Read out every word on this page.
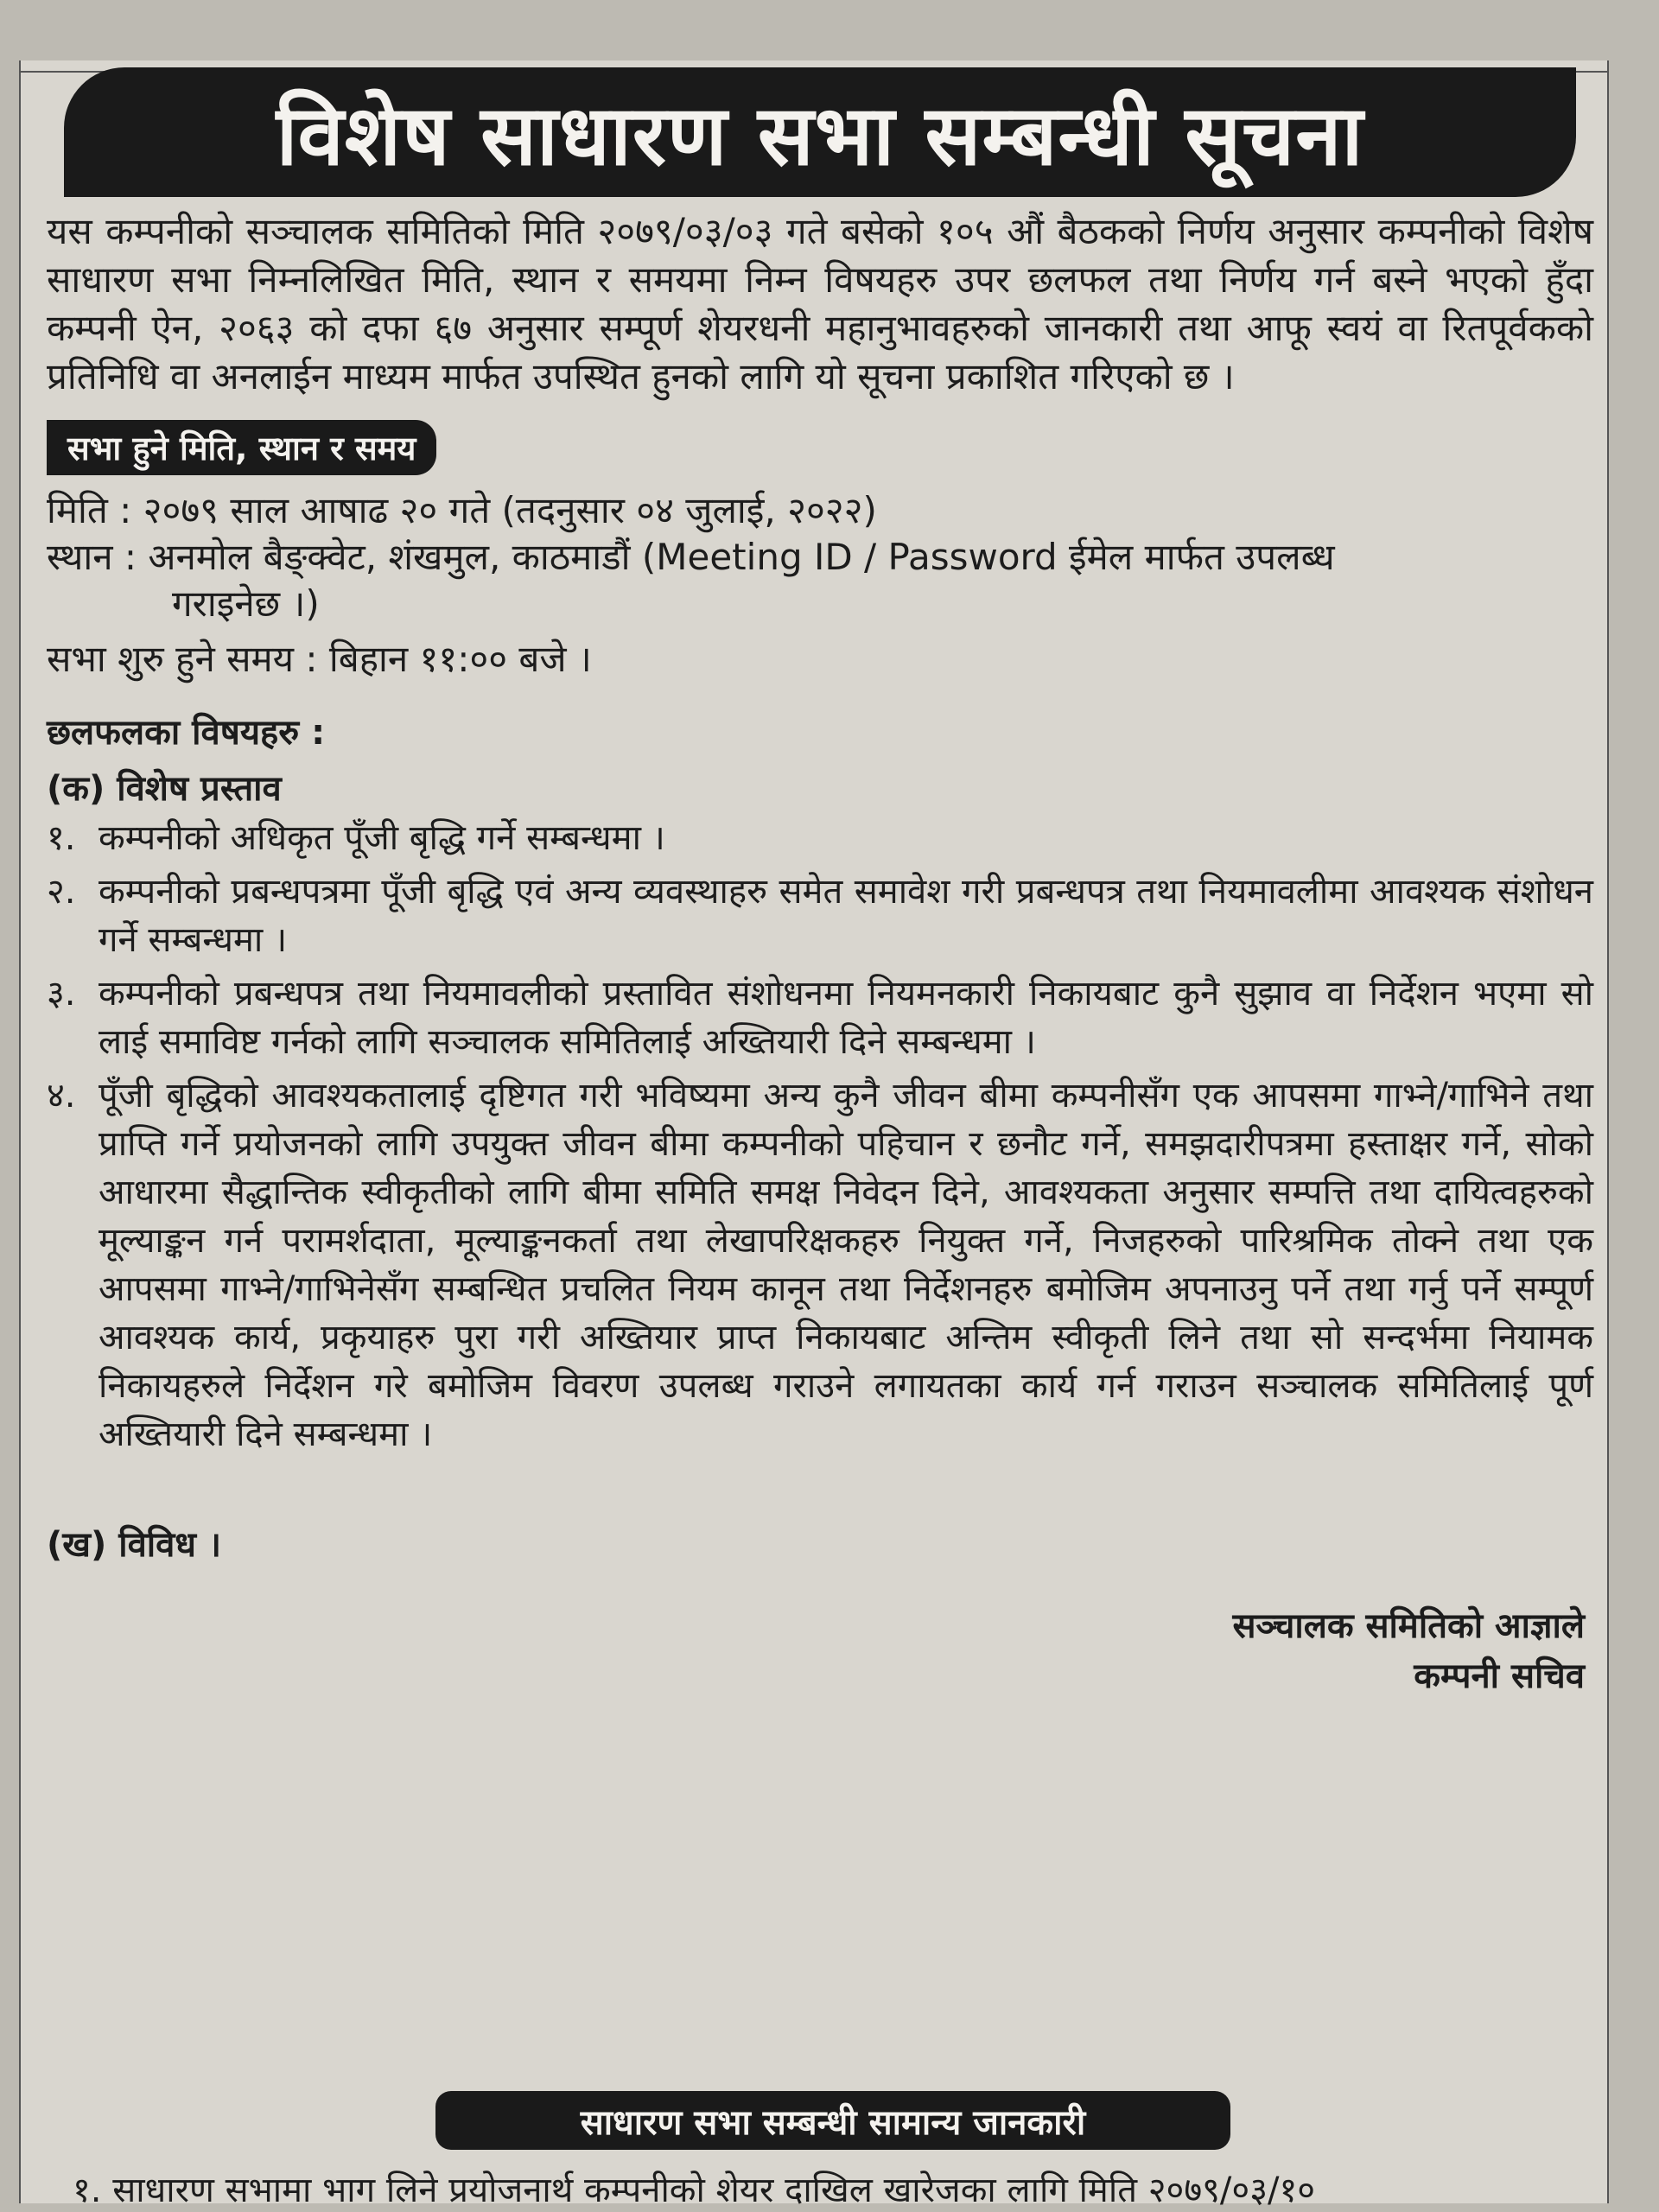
विशेष साधारण सभा सम्बन्धी सूचना

यस कम्पनीको सञ्चालक समितिको मिति २०७९/०३/०३ गते बसेको १०५ औं बैठकको निर्णय अनुसार कम्पनीको विशेष साधारण सभा निम्नलिखित मिति, स्थान र समयमा निम्न विषयहरु उपर छलफल तथा निर्णय गर्न बस्ने भएको हुँदा कम्पनी ऐन, २०६३ को दफा ६७ अनुसार सम्पूर्ण शेयरधनी महानुभावहरुको जानकारी तथा आफू स्वयं वा रितपूर्वकको प्रतिनिधि वा अनलाईन माध्यम मार्फत उपस्थित हुनको लागि यो सूचना प्रकाशित गरिएको छ ।

सभा हुने मिति, स्थान र समय

मिति : २०७९ साल आषाढ २० गते (तदनुसार ०४ जुलाई, २०२२)

स्थान : अनमोल बैङ्क्वेट, शंखमुल, काठमाडौं (Meeting ID / Password ईमेल मार्फत उपलब्ध

गराइनेछ ।)

सभा शुरु हुने समय : बिहान ११:०० बजे ।

छलफलका विषयहरु :
(क) विशेष प्रस्ताव
१. कम्पनीको अधिकृत पूँजी बृद्धि गर्ने सम्बन्धमा ।
२. कम्पनीको प्रबन्धपत्रमा पूँजी बृद्धि एवं अन्य व्यवस्थाहरु समेत समावेश गरी प्रबन्धपत्र तथा नियमावलीमा आवश्यक संशोधन गर्ने सम्बन्धमा ।
३. कम्पनीको प्रबन्धपत्र तथा नियमावलीको प्रस्तावित संशोधनमा नियमनकारी निकायबाट कुनै सुझाव वा निर्देशन भएमा सो लाई समाविष्ट गर्नको लागि सञ्चालक समितिलाई अख्तियारी दिने सम्बन्धमा ।
४. पूँजी बृद्धिको आवश्यकतालाई दृष्टिगत गरी भविष्यमा अन्य कुनै जीवन बीमा कम्पनीसँग एक आपसमा गाभ्ने/गाभिने तथा प्राप्ति गर्ने प्रयोजनको लागि उपयुक्त जीवन बीमा कम्पनीको पहिचान र छनौट गर्ने, समझदारीपत्रमा हस्ताक्षर गर्ने, सोको आधारमा सैद्धान्तिक स्वीकृतीको लागि बीमा समिति समक्ष निवेदन दिने, आवश्यकता अनुसार सम्पत्ति तथा दायित्वहरुको मूल्याङ्कन गर्न परामर्शदाता, मूल्याङ्कनकर्ता तथा लेखापरिक्षकहरु नियुक्त गर्ने, निजहरुको पारिश्रमिक तोक्ने तथा एक आपसमा गाभ्ने/गाभिनेसँग सम्बन्धित प्रचलित नियम कानून तथा निर्देशनहरु बमोजिम अपनाउनु पर्ने तथा गर्नु पर्ने सम्पूर्ण आवश्यक कार्य, प्रकृयाहरु पुरा गरी अख्तियार प्राप्त निकायबाट अन्तिम स्वीकृती लिने तथा सो सन्दर्भमा नियामक निकायहरुले निर्देशन गरे बमोजिम विवरण उपलब्ध गराउने लगायतका कार्य गर्न गराउन सञ्चालक समितिलाई पूर्ण अख्तियारी दिने सम्बन्धमा ।
(ख) विविध ।
सञ्चालक समितिको आज्ञाले
कम्पनी सचिव
साधारण सभा सम्बन्धी सामान्य जानकारी
१. साधारण सभामा भाग लिने प्रयोजनार्थ कम्पनीको शेयर दाखिल खारेजका लागि मिति २०७९/०३/१०
